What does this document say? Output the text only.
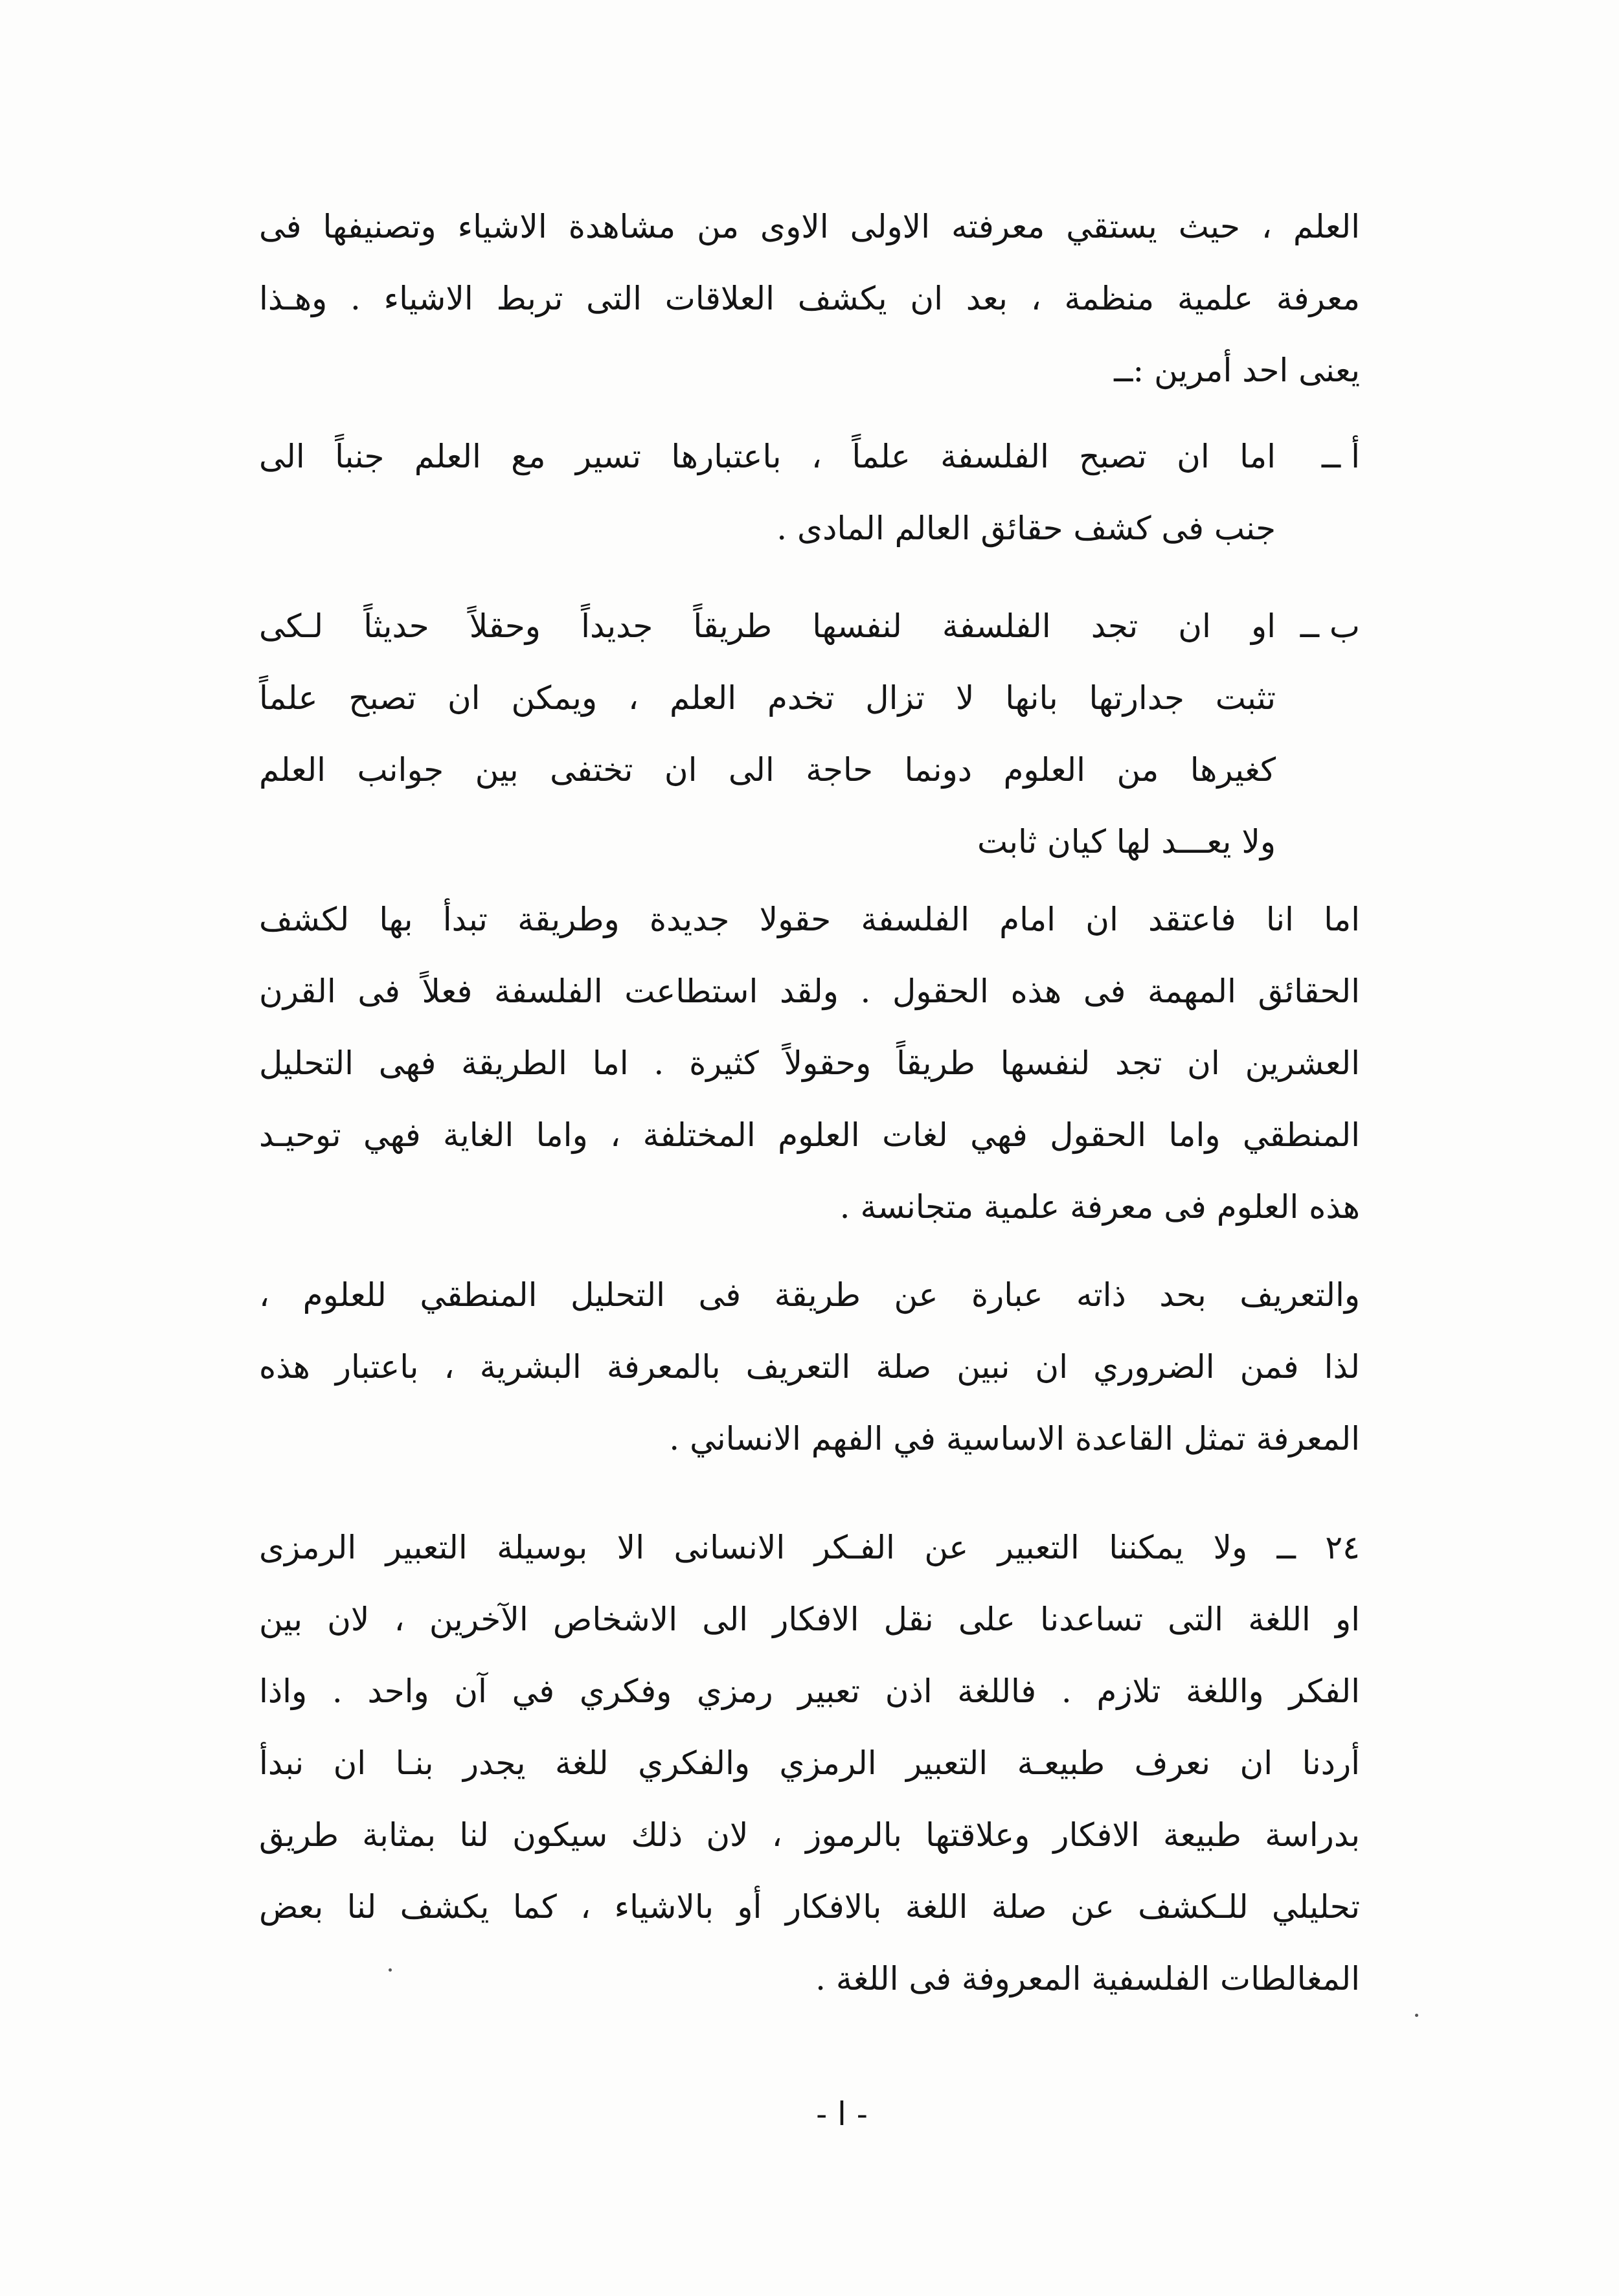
العلم ، حيث يستقي معرفته الاولى الاوى من مشاهدة الاشياء وتصنيفها فى
معرفة علمية منظمة ، بعد ان يكشف العلاقات التى تربط الاشياء . وهـذا
يعنى احد أمرين :ــ
أ ــ
اما ان تصبح الفلسفة علماً ، باعتبارها تسير مع العلم جنباً الى
جنب فى كشف حقائق العالم المادى .
ب ــ
او ان تجد الفلسفة لنفسها طريقاً جديداً وحقلاً حديثاً لـكى
تثبت جدارتها بانها لا تزال تخدم العلم ، ويمكن ان تصبح علماً
كغيرها من العلوم دونما حاجة الى ان تختفى بين جوانب العلم
ولا يعـــد لها كيان ثابت
اما انا فاعتقد ان امام الفلسفة حقولا جديدة وطريقة تبدأ بها لكشف
الحقائق المهمة فى هذه الحقول . ولقد استطاعت الفلسفة فعلاً فى القرن
العشرين ان تجد لنفسها طريقاً وحقولاً كثيرة . اما الطريقة فهى التحليل
المنطقي واما الحقول فهي لغات العلوم المختلفة ، واما الغاية فهي توحيـد
هذه العلوم فى معرفة علمية متجانسة .
والتعريف بحد ذاته عبارة عن طريقة فى التحليل المنطقي للعلوم ،
لذا فمن الضروري ان نبين صلة التعريف بالمعرفة البشرية ، باعتبار هذه
المعرفة تمثل القاعدة الاساسية في الفهم الانساني .
٢٤ ــ ولا يمكننا التعبير عن الفـكر الانسانى الا بوسيلة التعبير الرمزى
او اللغة التى تساعدنا على نقل الافكار الى الاشخاص الآخرين ، لان بين
الفكر واللغة تلازم . فاللغة اذن تعبير رمزي وفكري في آن واحد . واذا
أردنا ان نعرف طبيعـة التعبير الرمزي والفكري للغة يجدر بنـا ان نبدأ
بدراسة طبيعة الافكار وعلاقتها بالرموز ، لان ذلك سيكون لنا بمثابة طريق
تحليلي للـكشف عن صلة اللغة بالافكار أو بالاشياء ، كما يكشف لنا بعض
المغالطات الفلسفية المعروفة فى اللغة .
- ا -
